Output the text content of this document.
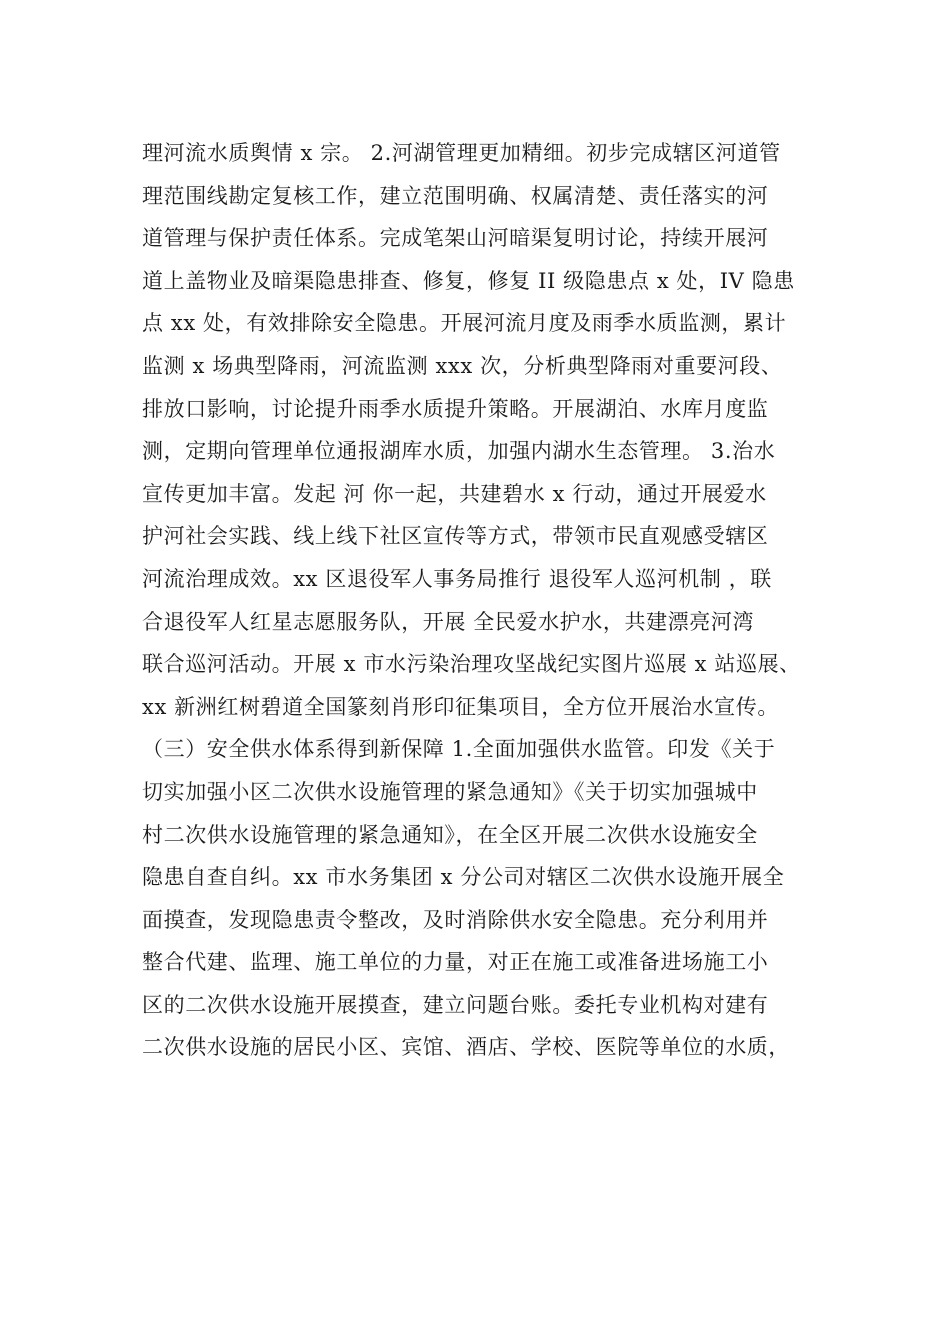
理河流水质舆情 x 宗。 2.河湖管理更加精细。初步完成辖区河道管
理范围线勘定复核工作，建立范围明确、权属清楚、责任落实的河
道管理与保护责任体系。完成笔架山河暗渠复明讨论，持续开展河
道上盖物业及暗渠隐患排查、修复，修复 II 级隐患点 x 处，IV 隐患
点 xx 处，有效排除安全隐患。开展河流月度及雨季水质监测，累计
监测 x 场典型降雨，河流监测 xxx 次，分析典型降雨对重要河段、
排放口影响，讨论提升雨季水质提升策略。开展湖泊、水库月度监
测，定期向管理单位通报湖库水质，加强内湖水生态管理。 3.治水
宣传更加丰富。发起 河 你一起，共建碧水 x 行动，通过开展爱水
护河社会实践、线上线下社区宣传等方式，带领市民直观感受辖区
河流治理成效。xx 区退役军人事务局推行 退役军人巡河机制 ，联
合退役军人红星志愿服务队，开展 全民爱水护水，共建漂亮河湾
联合巡河活动。开展 x 市水污染治理攻坚战纪实图片巡展 x 站巡展、
xx 新洲红树碧道全国篆刻肖形印征集项目，全方位开展治水宣传。
（三）安全供水体系得到新保障 1.全面加强供水监管。印发《关于
切实加强小区二次供水设施管理的紧急通知》《关于切实加强城中
村二次供水设施管理的紧急通知》，在全区开展二次供水设施安全
隐患自查自纠。xx 市水务集团 x 分公司对辖区二次供水设施开展全
面摸查，发现隐患责令整改，及时消除供水安全隐患。充分利用并
整合代建、监理、施工单位的力量，对正在施工或准备进场施工小
区的二次供水设施开展摸查，建立问题台账。委托专业机构对建有
二次供水设施的居民小区、宾馆、酒店、学校、医院等单位的水质，
